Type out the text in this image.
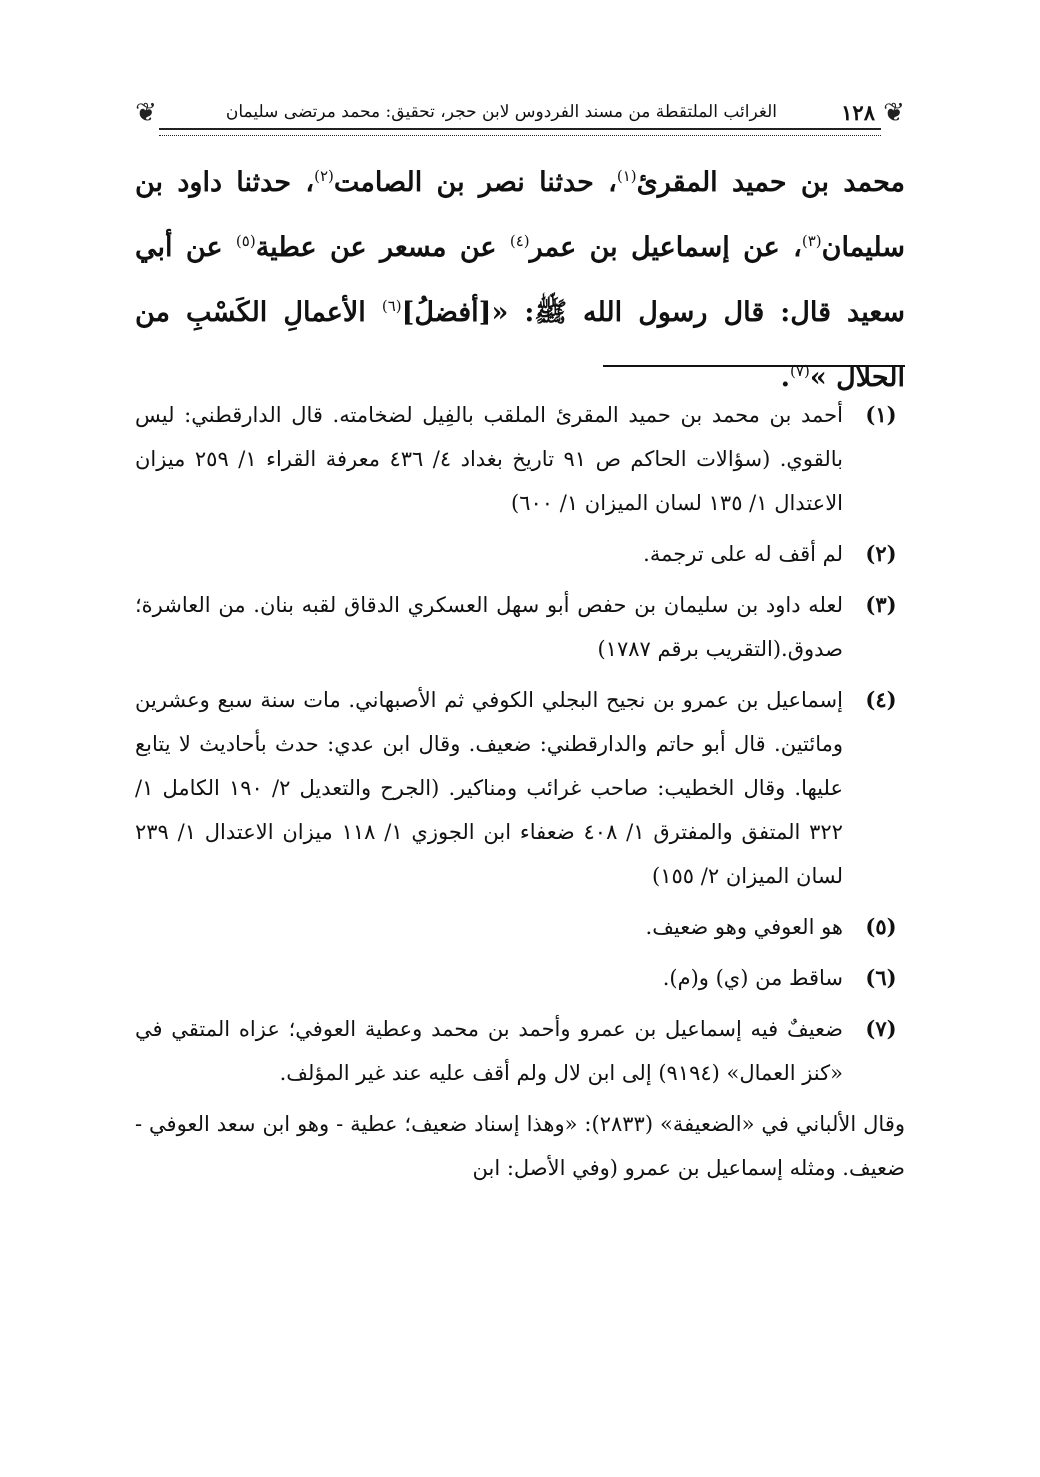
❦
١٢٨
الغرائب الملتقطة من مسند الفردوس لابن حجر، تحقيق: محمد مرتضى سليمان
❦

محمد بن حميد المقرئ$^{(١)}$، حدثنا نصر بن الصامت$^{(٢)}$، حدثنا داود بن سليمان$^{(٣)}$، عن إسماعيل بن عمر$^{(٤)}$ عن مسعر عن عطية$^{(٥)}$ عن أبي سعيد قال: قال رسول الله ﷺ: «[أفضلُ]$^{(٦)}$ الأعمالِ الكَسْبِ من الحلال »$^{(٧)}$.

(١)

أحمد بن محمد بن حميد المقرئ الملقب بالفِيل لضخامته. قال الدارقطني: ليس بالقوي. (سؤالات الحاكم ص ٩١ تاريخ بغداد ٤/ ٤٣٦ معرفة القراء ١/ ٢٥٩ ميزان الاعتدال ١/ ١٣٥ لسان الميزان ١/ ٦٠٠)

(٢)

لم أقف له على ترجمة.

(٣)

لعله داود بن سليمان بن حفص أبو سهل العسكري الدقاق لقبه بنان. من العاشرة؛ صدوق.(التقريب برقم ١٧٨٧)

(٤)

إسماعيل بن عمرو بن نجيح البجلي الكوفي ثم الأصبهاني. مات سنة سبع وعشرين ومائتين. قال أبو حاتم والدارقطني: ضعيف. وقال ابن عدي: حدث بأحاديث لا يتابع عليها. وقال الخطيب: صاحب غرائب ومناكير. (الجرح والتعديل ٢/ ١٩٠ الكامل ١/ ٣٢٢ المتفق والمفترق ١/ ٤٠٨ ضعفاء ابن الجوزي ١/ ١١٨ ميزان الاعتدال ١/ ٢٣٩ لسان الميزان ٢/ ١٥٥)

(٥)

هو العوفي وهو ضعيف.

(٦)

ساقط من (ي) و(م).

(٧)

ضعيفٌ فيه إسماعيل بن عمرو وأحمد بن محمد وعطية العوفي؛ عزاه المتقي في «كنز العمال» (٩١٩٤) إلى ابن لال ولم أقف عليه عند غير المؤلف.

وقال الألباني في «الضعيفة» (٢٨٣٣): «وهذا إسناد ضعيف؛ عطية - وهو ابن سعد العوفي - ضعيف. ومثله إسماعيل بن عمرو (وفي الأصل: ابن
